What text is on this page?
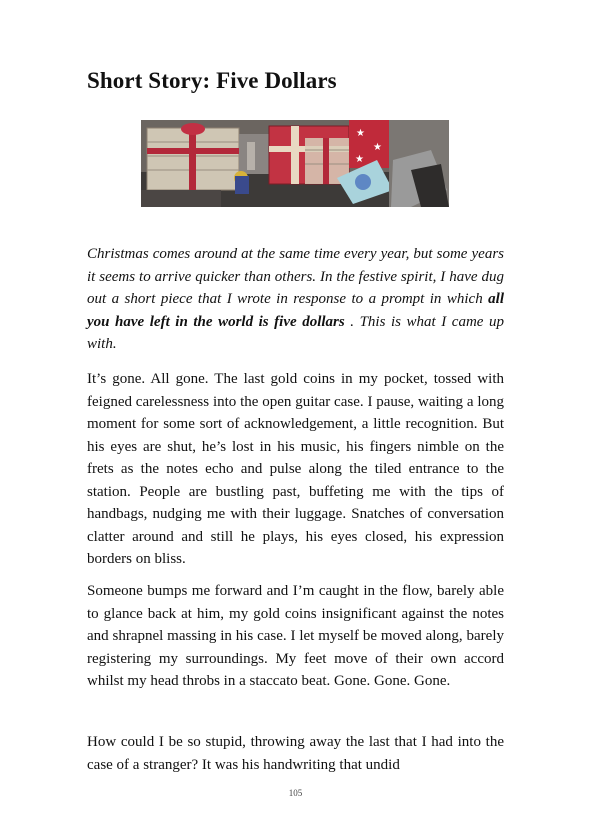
Short Story: Five Dollars
★
★
★

Christmas comes around at the same time every year, but some years it seems to arrive quicker than others. In the festive spirit, I have dug out a short piece that I wrote in response to a prompt in which all you have left in the world is five dollars . This is what I came up with.

It’s gone. All gone. The last gold coins in my pocket, tossed with feigned carelessness into the open guitar case. I pause, waiting a long moment for some sort of acknowledgement, a little recognition. But his eyes are shut, he’s lost in his music, his fingers nimble on the frets as the notes echo and pulse along the tiled entrance to the station. People are bustling past, buffeting me with the tips of handbags, nudging me with their luggage. Snatches of conversation clatter around and still he plays, his eyes closed, his expression borders on bliss.

Someone bumps me forward and I’m caught in the flow, barely able to glance back at him, my gold coins insignificant against the notes and shrapnel massing in his case. I let myself be moved along, barely registering my surroundings. My feet move of their own accord whilst my head throbs in a staccato beat. Gone. Gone. Gone.

How could I be so stupid, throwing away the last that I had into the case of a stranger? It was his handwriting that undid

105
